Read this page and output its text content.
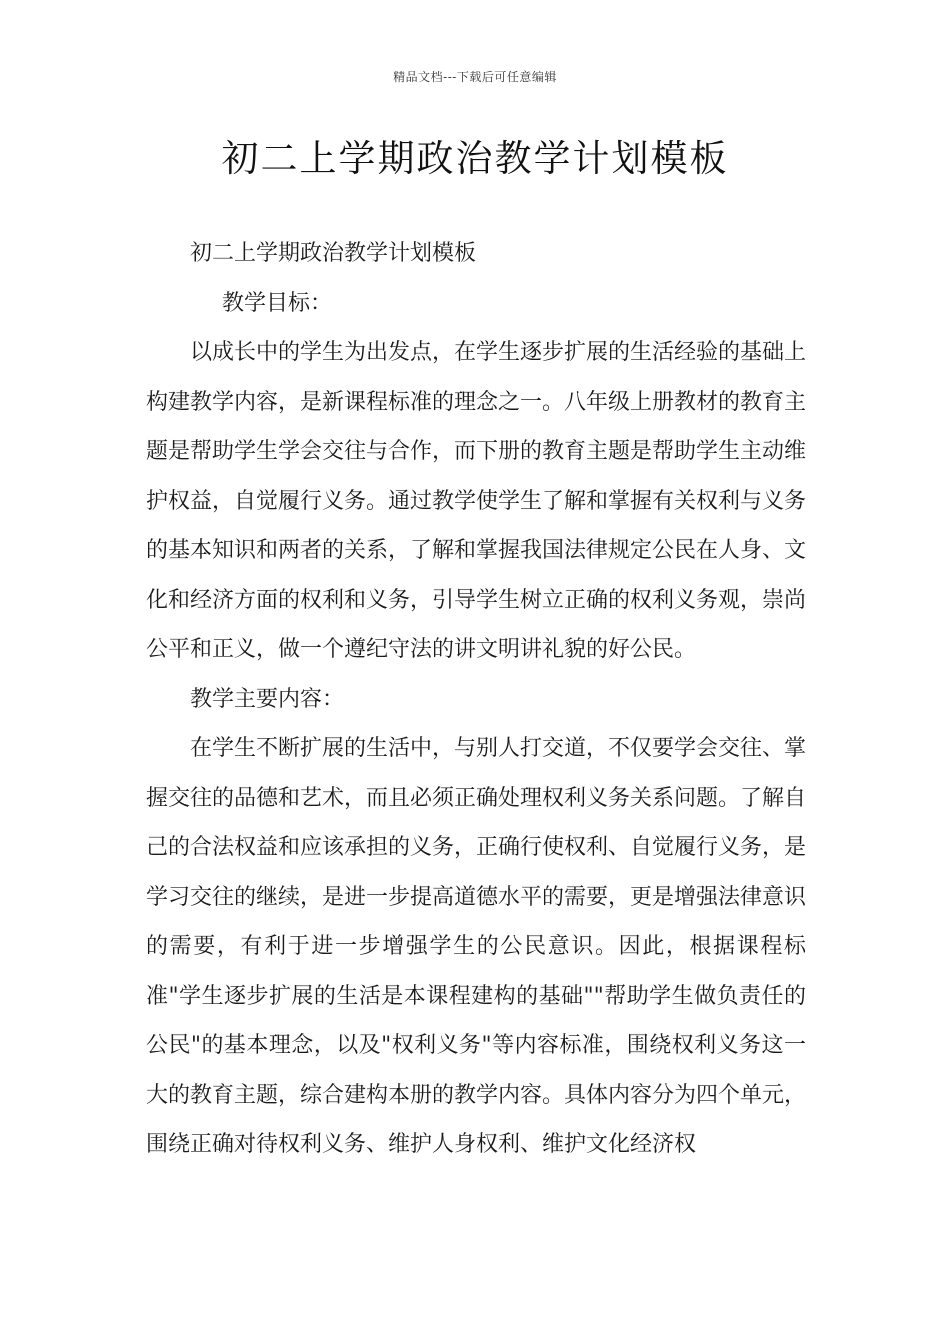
精品文档---下载后可任意编辑
初二上学期政治教学计划模板

初二上学期政治教学计划模板

教学目标：

以成长中的学生为出发点，在学生逐步扩展的生活经验的基础上构建教学内容，是新课程标准的理念之一。八年级上册教材的教育主题是帮助学生学会交往与合作，而下册的教育主题是帮助学生主动维护权益，自觉履行义务。通过教学使学生了解和掌握有关权利与义务的基本知识和两者的关系，了解和掌握我国法律规定公民在人身、文化和经济方面的权利和义务，引导学生树立正确的权利义务观，崇尚公平和正义，做一个遵纪守法的讲文明讲礼貌的好公民。

教学主要内容：

在学生不断扩展的生活中，与别人打交道，不仅要学会交往、掌握交往的品德和艺术，而且必须正确处理权利义务关系问题。了解自己的合法权益和应该承担的义务，正确行使权利、自觉履行义务，是学习交往的继续，是进一步提高道德水平的需要，更是增强法律意识的需要，有利于进一步增强学生的公民意识。因此，根据课程标准"学生逐步扩展的生活是本课程建构的基础""帮助学生做负责任的公民"的基本理念，以及"权利义务"等内容标准，围绕权利义务这一大的教育主题，综合建构本册的教学内容。具体内容分为四个单元，围绕正确对待权利义务、维护人身权利、维护文化经济权
